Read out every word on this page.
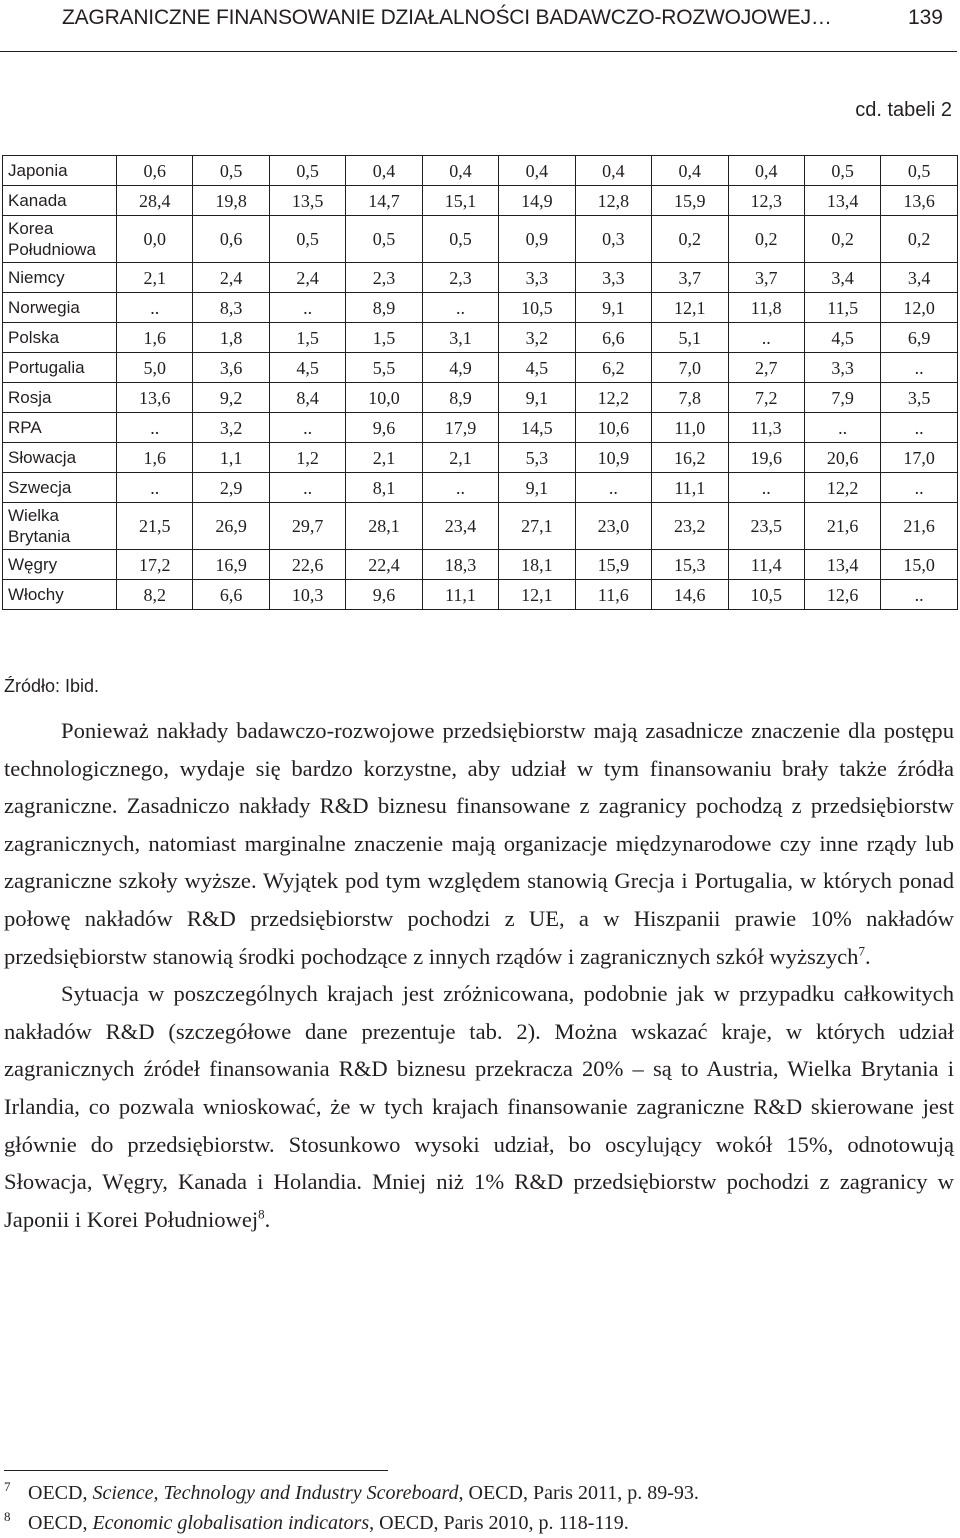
ZAGRANICZNE FINANSOWANIE DZIAŁALNOŚCI BADAWCZO-ROZWOJOWEJ…	139
cd. tabeli 2
Japonia	0,6	0,5	0,5	0,4	0,4	0,4	0,4	0,4	0,4	0,5	0,5
Kanada	28,4	19,8	13,5	14,7	15,1	14,9	12,8	15,9	12,3	13,4	13,6
Korea Południowa	0,0	0,6	0,5	0,5	0,5	0,9	0,3	0,2	0,2	0,2	0,2
Niemcy	2,1	2,4	2,4	2,3	2,3	3,3	3,3	3,7	3,7	3,4	3,4
Norwegia	..	8,3	..	8,9	..	10,5	9,1	12,1	11,8	11,5	12,0
Polska	1,6	1,8	1,5	1,5	3,1	3,2	6,6	5,1	..	4,5	6,9
Portugalia	5,0	3,6	4,5	5,5	4,9	4,5	6,2	7,0	2,7	3,3	..
Rosja	13,6	9,2	8,4	10,0	8,9	9,1	12,2	7,8	7,2	7,9	3,5
RPA	..	3,2	..	9,6	17,9	14,5	10,6	11,0	11,3	..	..
Słowacja	1,6	1,1	1,2	2,1	2,1	5,3	10,9	16,2	19,6	20,6	17,0
Szwecja	..	2,9	..	8,1	..	9,1	..	11,1	..	12,2	..
Wielka Brytania	21,5	26,9	29,7	28,1	23,4	27,1	23,0	23,2	23,5	21,6	21,6
Węgry	17,2	16,9	22,6	22,4	18,3	18,1	15,9	15,3	11,4	13,4	15,0
Włochy	8,2	6,6	10,3	9,6	11,1	12,1	11,6	14,6	10,5	12,6	..
Źródło: Ibid.

Ponieważ nakłady badawczo-rozwojowe przedsiębiorstw mają zasadnicze znaczenie dla postępu technologicznego, wydaje się bardzo korzystne, aby udział w tym finansowaniu brały także źródła zagraniczne. Zasadniczo nakłady R&D biznesu finansowane z zagranicy pochodzą z przedsiębiorstw zagranicznych, natomiast marginalne znaczenie mają organizacje międzynarodowe czy inne rządy lub zagraniczne szkoły wyższe. Wyjątek pod tym względem stanowią Grecja i Portugalia, w których ponad połowę nakładów R&D przedsiębiorstw pochodzi z UE, a w Hiszpanii prawie 10% nakładów przedsiębiorstw stanowią środki pochodzące z innych rządów i zagranicznych szkół wyższych$^7$.

Sytuacja w poszczególnych krajach jest zróżnicowana, podobnie jak w przypadku całkowitych nakładów R&D (szczegółowe dane prezentuje tab. 2). Można wskazać kraje, w których udział zagranicznych źródeł finansowania R&D biznesu przekracza 20% – są to Austria, Wielka Brytania i Irlandia, co pozwala wnioskować, że w tych krajach finansowanie zagraniczne R&D skierowane jest głównie do przedsiębiorstw. Stosunkowo wysoki udział, bo oscylujący wokół 15%, odnotowują Słowacja, Węgry, Kanada i Holandia. Mniej niż 1% R&D przedsiębiorstw pochodzi z zagranicy w Japonii i Korei Południowej$^8$.

7 OECD, Science, Technology and Industry Scoreboard, OECD, Paris 2011, p. 89-93.
8 OECD, Economic globalisation indicators, OECD, Paris 2010, p. 118-119.
